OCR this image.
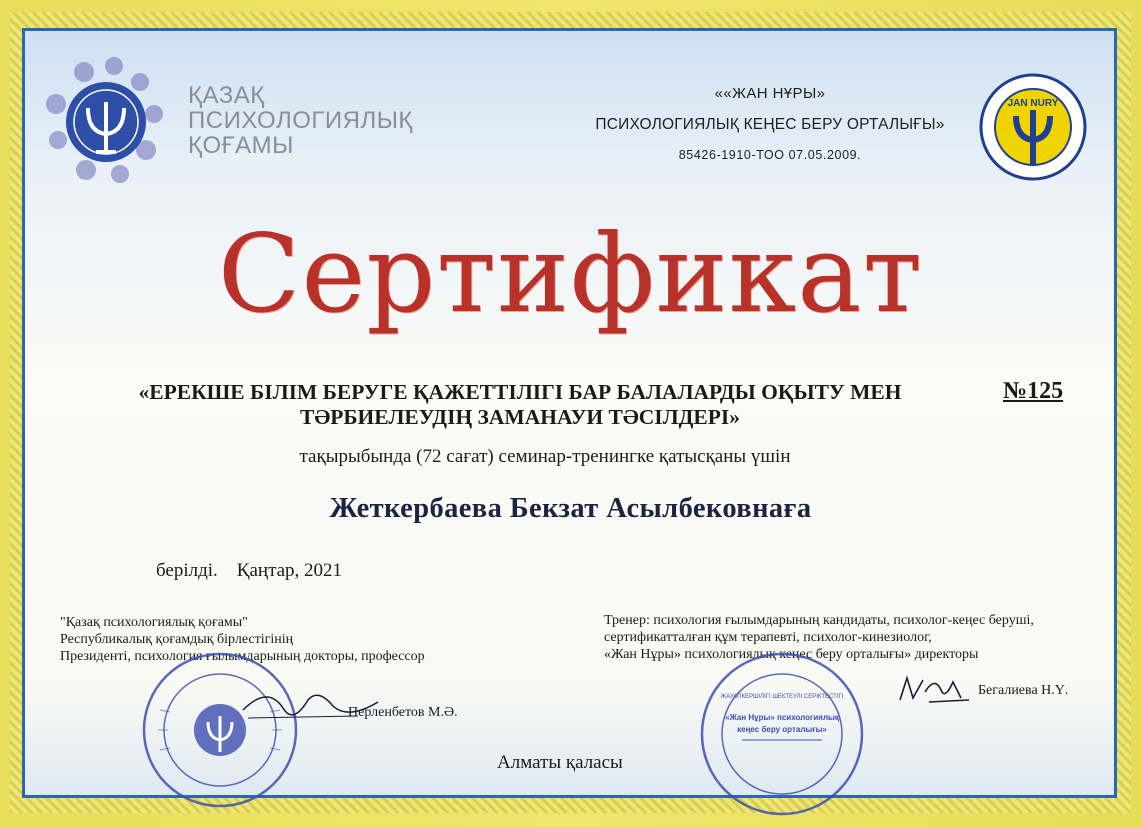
ҚАЗАҚ
ПСИХОЛОГИЯЛЫҚ
ҚОҒАМЫ
««ЖАН НҰРЫ»
ПСИХОЛОГИЯЛЫҚ КЕҢЕС БЕРУ ОРТАЛЫҒЫ»
85426-1910-ТОО 07.05.2009.
JAN NURY
Сертификат
«ЕРЕКШЕ БІЛІМ БЕРУГЕ ҚАЖЕТТІЛІГІ БАР БАЛАЛАРДЫ ОҚЫТУ МЕН
ТӘРБИЕЛЕУДІҢ ЗАМАНАУИ ТӘСІЛДЕРІ»
№125
тақырыбында (72 сағат) семинар-тренингке қатысқаны үшін
Жеткербаева Бекзат Асылбековнаға
берілді.    Қаңтар, 2021
"Қазақ психологиялық қоғамы"
Республикалық қоғамдық бірлестігінің
Президенті, психология ғылымдарының докторы, профессор
Тренер: психология ғылымдарының кандидаты, психолог-кеңес беруші,
сертификатталған құм терапевті, психолог-кинезиолог,
«Жан Нұры» психологиялық кеңес беру орталығы» директоры
Перленбетов М.Ә.
ЖАУАПКЕРШІЛІГІ ШЕКТЕУЛІ СЕРІКТЕСТІГІ
«Жан Нұры» психологиялық
кеңес беру орталығы»
Бегалиева Н.Ү.
Алматы қаласы
